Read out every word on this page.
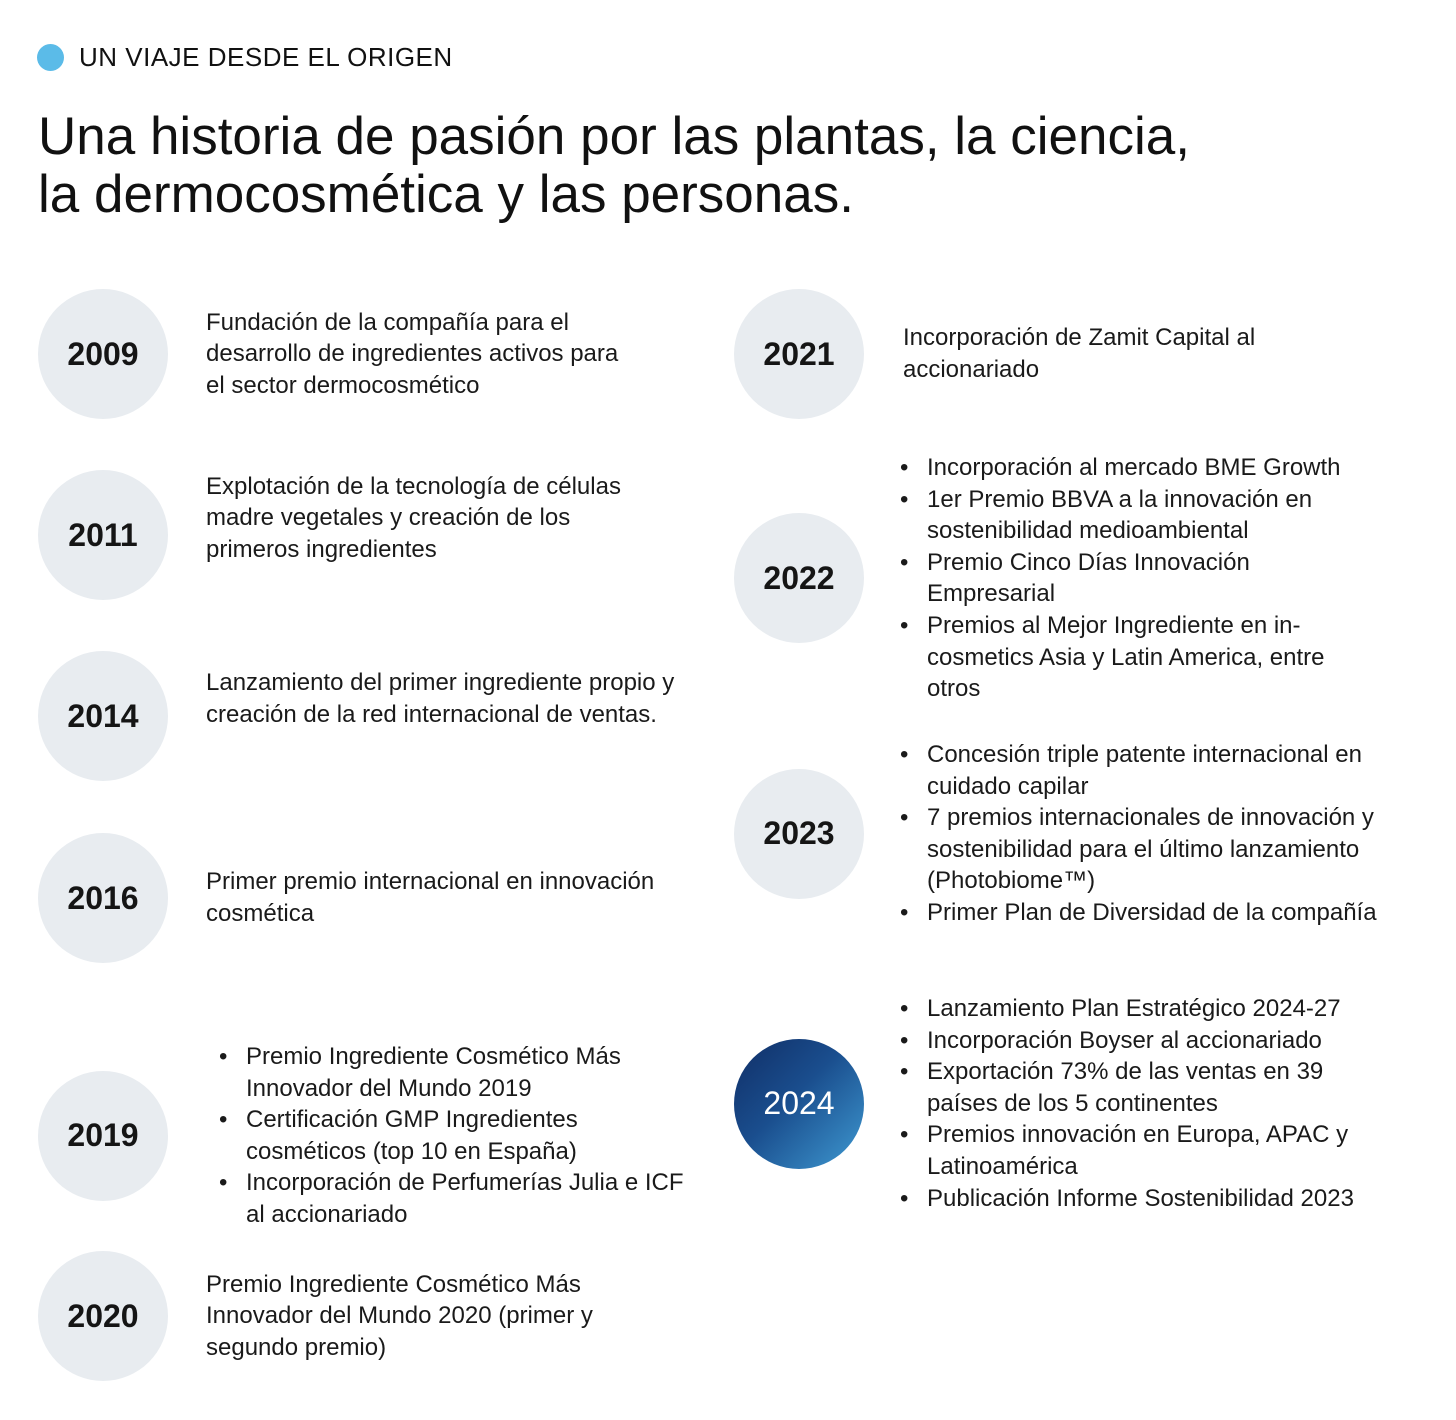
UN VIAJE DESDE EL ORIGEN
Una historia de pasión por las plantas, la ciencia, la dermocosmética y las personas.
2009
Fundación de la compañía para el desarrollo de ingredientes activos para el sector dermocosmético
2011
Explotación de la tecnología de células madre vegetales y creación de los primeros ingredientes
2014
Lanzamiento del primer ingrediente propio y creación de la red internacional de ventas.
2016	Primer premio internacional en innovación cosmética
2019
• Premio Ingrediente Cosmético Más Innovador del Mundo 2019
• Certificación GMP Ingredientes cosméticos (top 10 en España)
• Incorporación de Perfumerías Julia e ICF al accionariado
2020
Premio Ingrediente Cosmético Más Innovador del Mundo 2020 (primer y segundo premio)
2021	Incorporación de Zamit Capital al accionariado
2022
• Incorporación al mercado BME Growth
• 1er Premio BBVA a la innovación en sostenibilidad medioambiental
• Premio Cinco Días Innovación Empresarial
• Premios al Mejor Ingrediente en in-cosmetics Asia y Latin America, entre otros
2023
• Concesión triple patente internacional en cuidado capilar
• 7 premios internacionales de innovación y sostenibilidad para el último lanzamiento (Photobiome™)
• Primer Plan de Diversidad de la compañía
2024
• Lanzamiento Plan Estratégico 2024-27
• Incorporación Boyser al accionariado
• Exportación 73% de las ventas en 39 países de los 5 continentes
• Premios innovación en Europa, APAC y Latinoamérica
• Publicación Informe Sostenibilidad 2023
